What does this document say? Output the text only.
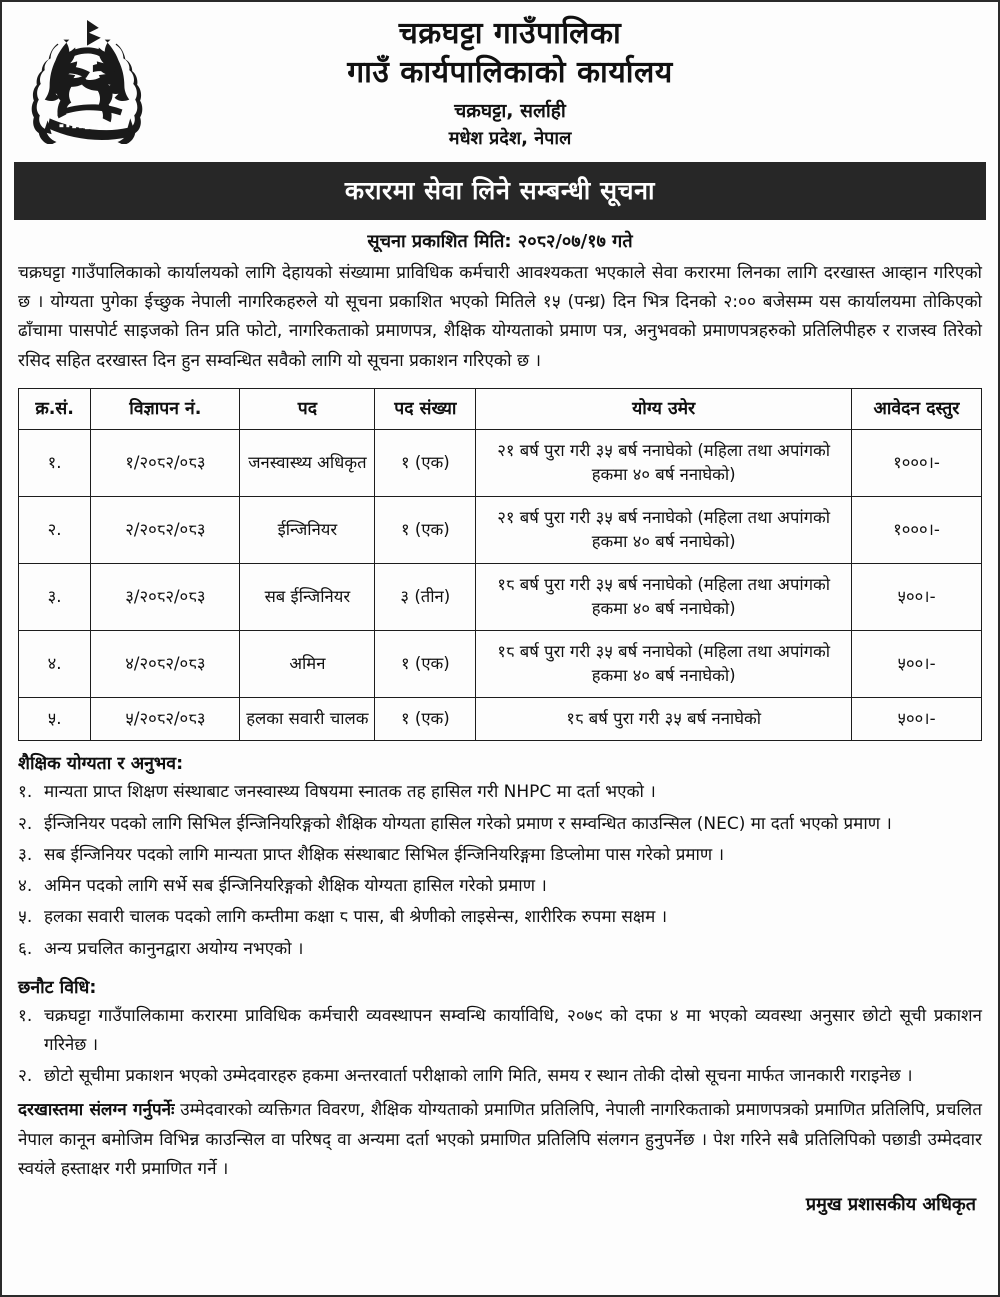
चक्रघट्टा गाउँपालिका
गाउँ कार्यपालिकाको कार्यालय
चक्रघट्टा, सर्लाही
मधेश प्रदेश, नेपाल
करारमा सेवा लिने सम्बन्धी सूचना
सूचना प्रकाशित मिति: २०८२/०७/१७ गते
चक्रघट्टा गाउँपालिकाको कार्यालयको लागि देहायको संख्यामा प्राविधिक कर्मचारी आवश्यकता भएकाले सेवा करारमा लिनका लागि दरखास्त आव्हान गरिएको छ । योग्यता पुगेका ईच्छुक नेपाली नागरिकहरुले यो सूचना प्रकाशित भएको मितिले १५ (पन्ध्र) दिन भित्र दिनको २:०० बजेसम्म यस कार्यालयमा तोकिएको ढाँचामा पासपोर्ट साइजको तिन प्रति फोटो, नागरिकताको प्रमाणपत्र, शैक्षिक योग्यताको प्रमाण पत्र, अनुभवको प्रमाणपत्रहरुको प्रतिलिपीहरु र राजस्व तिरेको रसिद सहित दरखास्त दिन हुन सम्वन्धित सवैको लागि यो सूचना प्रकाशन गरिएको छ ।
क्र.सं.	विज्ञापन नं.	पद	पद संख्या	योग्य उमेर	आवेदन दस्तुर
१.	१/२०८२/०८३	जनस्वास्थ्य अधिकृत	१ (एक)	२१ बर्ष पुरा गरी ३५ बर्ष ननाघेको (महिला तथा अपांगको हकमा ४० बर्ष ननाघेको)	१०००।-
२.	२/२०८२/०८३	ईन्जिनियर	१ (एक)	२१ बर्ष पुरा गरी ३५ बर्ष ननाघेको (महिला तथा अपांगको हकमा ४० बर्ष ननाघेको)	१०००।-
३.	३/२०८२/०८३	सब ईन्जिनियर	३ (तीन)	१८ बर्ष पुरा गरी ३५ बर्ष ननाघेको (महिला तथा अपांगको हकमा ४० बर्ष ननाघेको)	५००।-
४.	४/२०८२/०८३	अमिन	१ (एक)	१८ बर्ष पुरा गरी ३५ बर्ष ननाघेको (महिला तथा अपांगको हकमा ४० बर्ष ननाघेको)	५००।-
५.	५/२०८२/०८३	हलका सवारी चालक	१ (एक)	१८ बर्ष पुरा गरी ३५ बर्ष ननाघेको	५००।-
शैक्षिक योग्यता र अनुभव:
१. मान्यता प्राप्त शिक्षण संस्थाबाट जनस्वास्थ्य विषयमा स्नातक तह हासिल गरी NHPC मा दर्ता भएको ।
२. ईन्जिनियर पदको लागि सिभिल ईन्जिनियरिङ्गको शैक्षिक योग्यता हासिल गरेको प्रमाण र सम्वन्धित काउन्सिल (NEC) मा दर्ता भएको प्रमाण ।
३. सब ईन्जिनियर पदको लागि मान्यता प्राप्त शैक्षिक संस्थाबाट सिभिल ईन्जिनियरिङ्गमा डिप्लोमा पास गरेको प्रमाण ।
४. अमिन पदको लागि सर्भे सब ईन्जिनियरिङ्गको शैक्षिक योग्यता हासिल गरेको प्रमाण ।
५. हलका सवारी चालक पदको लागि कम्तीमा कक्षा ८ पास, बी श्रेणीको लाइसेन्स, शारीरिक रुपमा सक्षम ।
६. अन्य प्रचलित कानुनद्वारा अयोग्य नभएको ।
छनौट विधि:
१. चक्रघट्टा गाउँपालिकामा करारमा प्राविधिक कर्मचारी व्यवस्थापन सम्वन्धि कार्याविधि, २०७९ को दफा ४ मा भएको व्यवस्था अनुसार छोटो सूची प्रकाशन गरिनेछ ।
२. छोटो सूचीमा प्रकाशन भएको उम्मेदवारहरु हकमा अन्तरवार्ता परीक्षाको लागि मिति, समय र स्थान तोकी दोस्रो सूचना मार्फत जानकारी गराइनेछ ।
दरखास्तमा संलग्न गर्नुपर्नेः उम्मेदवारको व्यक्तिगत विवरण, शैक्षिक योग्यताको प्रमाणित प्रतिलिपि, नेपाली नागरिकताको प्रमाणपत्रको प्रमाणित प्रतिलिपि, प्रचलित नेपाल कानून बमोजिम विभिन्न काउन्सिल वा परिषद् वा अन्यमा दर्ता भएको प्रमाणित प्रतिलिपि संलगन हुनुपर्नेछ । पेश गरिने सबै प्रतिलिपिको पछाडी उम्मेदवार स्वयंले हस्ताक्षर गरी प्रमाणित गर्ने ।
प्रमुख प्रशासकीय अधिकृत
